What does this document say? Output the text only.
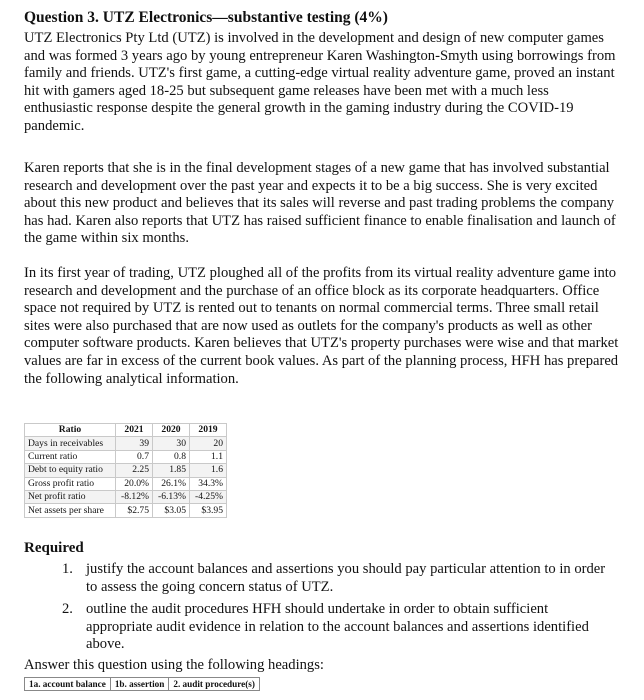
Question 3. UTZ Electronics—substantive testing (4%)

UTZ Electronics Pty Ltd (UTZ) is involved in the development and design of new computer games and was formed 3 years ago by young entrepreneur Karen Washington-Smyth using borrowings from family and friends. UTZ's first game, a cutting-edge virtual reality adventure game, proved an instant hit with gamers aged 18-25 but subsequent game releases have been met with a much less enthusiastic response despite the general growth in the gaming industry during the COVID-19 pandemic.

Karen reports that she is in the final development stages of a new game that has involved substantial research and development over the past year and expects it to be a big success. She is very excited about this new product and believes that its sales will reverse and past trading problems the company has had. Karen also reports that UTZ has raised sufficient finance to enable finalisation and launch of the game within six months.

In its first year of trading, UTZ ploughed all of the profits from its virtual reality adventure game into research and development and the purchase of an office block as its corporate headquarters. Office space not required by UTZ is rented out to tenants on normal commercial terms. Three small retail sites were also purchased that are now used as outlets for the company's products as well as other computer software products. Karen believes that UTZ's property purchases were wise and that market values are far in excess of the current book values. As part of the planning process, HFH has prepared the following analytical information.

Ratio	2021	2020	2019
Days in receivables	39	30	20
Current ratio	0.7	0.8	1.1
Debt to equity ratio	2.25	1.85	1.6
Gross profit ratio	20.0%	26.1%	34.3%
Net profit ratio	-8.12%	-6.13%	-4.25%
Net assets per share	$2.75	$3.05	$3.95
Required
1. justify the account balances and assertions you should pay particular attention to in order to assess the going concern status of UTZ.
2. outline the audit procedures HFH should undertake in order to obtain sufficient appropriate audit evidence in relation to the account balances and assertions identified above.
Answer this question using the following headings:
1a. account balance	1b. assertion	2. audit procedure(s)
